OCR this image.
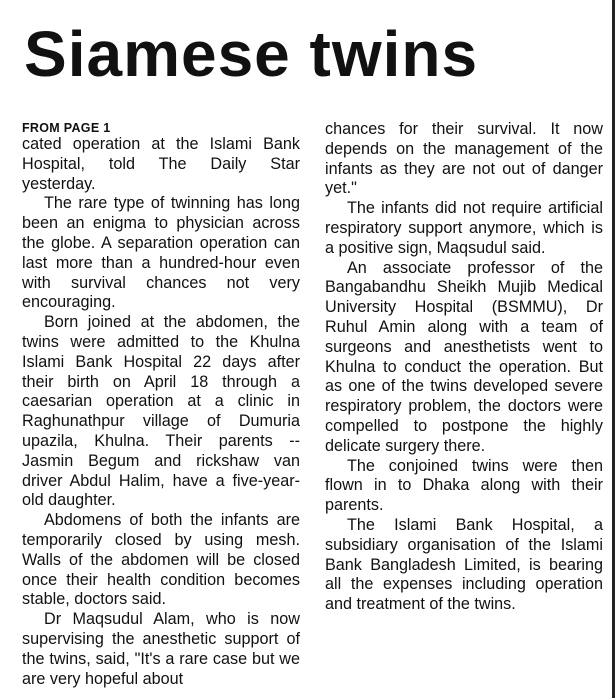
Siamese twins
FROM PAGE 1

cated operation at the Islami Bank Hospital, told The Daily Star yesterday.

The rare type of twinning has long been an enigma to physician across the globe. A separation operation can last more than a hundred-hour even with survival chances not very encouraging.

Born joined at the abdomen, the twins were admitted to the Khulna Islami Bank Hospital 22 days after their birth on April 18 through a caesarian operation at a clinic in Raghunathpur village of Dumuria upazila, Khulna. Their parents -- Jasmin Begum and rickshaw van driver Abdul Halim, have a five-year-old daughter.

Abdomens of both the infants are temporarily closed by using mesh. Walls of the abdomen will be closed once their health condition becomes stable, doctors said.

Dr Maqsudul Alam, who is now supervising the anesthetic support of the twins, said, "It's a rare case but we are very hopeful about

chances for their survival. It now depends on the management of the infants as they are not out of danger yet."

The infants did not require artificial respiratory support anymore, which is a positive sign, Maqsudul said.

An associate professor of the Bangabandhu Sheikh Mujib Medical University Hospital (BSMMU), Dr Ruhul Amin along with a team of surgeons and anesthetists went to Khulna to conduct the operation. But as one of the twins developed severe respiratory problem, the doctors were compelled to postpone the highly delicate surgery there.

The conjoined twins were then flown in to Dhaka along with their parents.

The Islami Bank Hospital, a subsidiary organisation of the Islami Bank Bangladesh Limited, is bearing all the expenses including operation and treatment of the twins.
